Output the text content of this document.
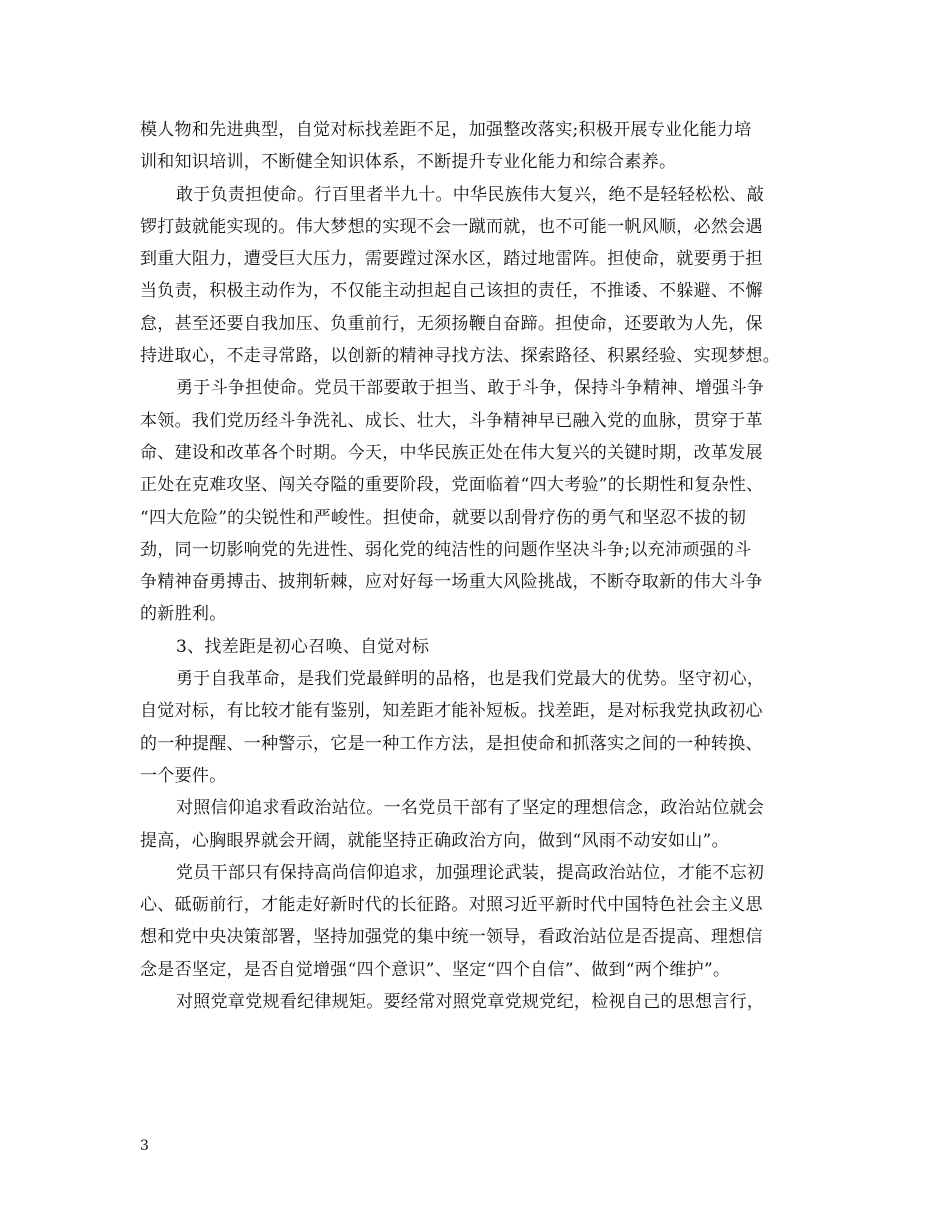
模人物和先进典型，自觉对标找差距不足，加强整改落实;积极开展专业化能力培
训和知识培训，不断健全知识体系，不断提升专业化能力和综合素养。
敢于负责担使命。行百里者半九十。中华民族伟大复兴，绝不是轻轻松松、敲
锣打鼓就能实现的。伟大梦想的实现不会一蹴而就，也不可能一帆风顺，必然会遇
到重大阻力，遭受巨大压力，需要蹚过深水区，踏过地雷阵。担使命，就要勇于担
当负责，积极主动作为，不仅能主动担起自己该担的责任，不推诿、不躲避、不懈
怠，甚至还要自我加压、负重前行，无须扬鞭自奋蹄。担使命，还要敢为人先，保
持进取心，不走寻常路，以创新的精神寻找方法、探索路径、积累经验、实现梦想。
勇于斗争担使命。党员干部要敢于担当、敢于斗争，保持斗争精神、增强斗争
本领。我们党历经斗争洗礼、成长、壮大，斗争精神早已融入党的血脉，贯穿于革
命、建设和改革各个时期。今天，中华民族正处在伟大复兴的关键时期，改革发展
正处在克难攻坚、闯关夺隘的重要阶段，党面临着“四大考验”的长期性和复杂性、
“四大危险”的尖锐性和严峻性。担使命，就要以刮骨疗伤的勇气和坚忍不拔的韧
劲，同一切影响党的先进性、弱化党的纯洁性的问题作坚决斗争;以充沛顽强的斗
争精神奋勇搏击、披荆斩棘，应对好每一场重大风险挑战，不断夺取新的伟大斗争
的新胜利。
3、找差距是初心召唤、自觉对标
勇于自我革命，是我们党最鲜明的品格，也是我们党最大的优势。坚守初心，
自觉对标，有比较才能有鉴别，知差距才能补短板。找差距，是对标我党执政初心
的一种提醒、一种警示，它是一种工作方法，是担使命和抓落实之间的一种转换、
一个要件。
对照信仰追求看政治站位。一名党员干部有了坚定的理想信念，政治站位就会
提高，心胸眼界就会开阔，就能坚持正确政治方向，做到“风雨不动安如山”。
党员干部只有保持高尚信仰追求，加强理论武装，提高政治站位，才能不忘初
心、砥砺前行，才能走好新时代的长征路。对照习近平新时代中国特色社会主义思
想和党中央决策部署，坚持加强党的集中统一领导，看政治站位是否提高、理想信
念是否坚定，是否自觉增强“四个意识”、坚定“四个自信”、做到“两个维护”。
对照党章党规看纪律规矩。要经常对照党章党规党纪，检视自己的思想言行，
3
